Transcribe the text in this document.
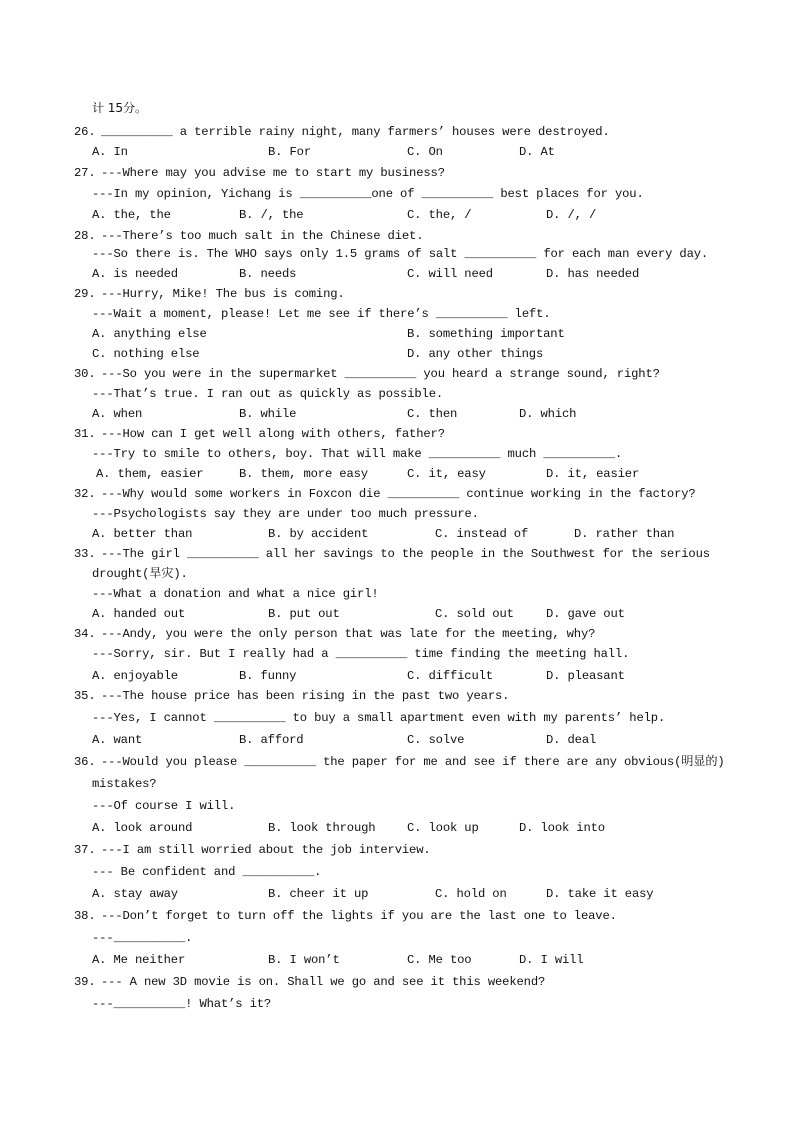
计 15分。
26. __________ a terrible rainy night, many farmers’ houses were destroyed.
A. In	B. For	C. On	D. At
27. ---Where may you advise me to start my business?
---In my opinion, Yichang is __________one of __________ best places for you.
A. the, the	B. /, the	C. the, /	D. /, /
28. ---There’s too much salt in the Chinese diet.
---So there is. The WHO says only 1.5 grams of salt __________ for each man every day.
A. is needed	B. needs	C. will need	D. has needed
29. ---Hurry, Mike! The bus is coming.
---Wait a moment, please! Let me see if there’s __________ left.
A. anything else	B. something important
C. nothing else	D. any other things
30. ---So you were in the supermarket __________ you heard a strange sound, right?
---That’s true. I ran out as quickly as possible.
A. when	B. while	C. then	D. which
31. ---How can I get well along with others, father?
---Try to smile to others, boy. That will make __________ much __________.
A. them, easier	B. them, more easy	C. it, easy	D. it, easier
32. ---Why would some workers in Foxcon die __________ continue working in the factory?
---Psychologists say they are under too much pressure.
A. better than	B. by accident	C. instead of	D. rather than
33. ---The girl __________ all her savings to the people in the Southwest for the serious
drought(旱灾).
---What a donation and what a nice girl!
A. handed out	B. put out	C. sold out	D. gave out
34. ---Andy, you were the only person that was late for the meeting, why?
---Sorry, sir. But I really had a __________ time finding the meeting hall.
A. enjoyable	B. funny	C. difficult	D. pleasant
35. ---The house price has been rising in the past two years.
---Yes, I cannot __________ to buy a small apartment even with my parents’ help.
A. want	B. afford	C. solve	D. deal
36. ---Would you please __________ the paper for me and see if there are any obvious(明显的)
mistakes?
---Of course I will.
A. look around	B. look through	C. look up	D. look into
37. ---I am still worried about the job interview.
--- Be confident and __________.
A. stay away	B. cheer it up	C. hold on	D. take it easy
38. ---Don’t forget to turn off the lights if you are the last one to leave.
---__________.
A. Me neither	B. I won’t	C. Me too	D. I will
39. --- A new 3D movie is on. Shall we go and see it this weekend?
---__________! What’s it?
